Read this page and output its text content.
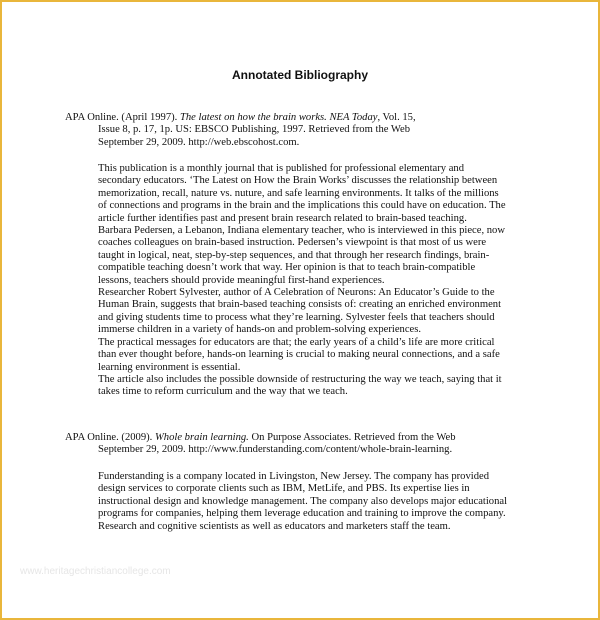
Annotated Bibliography
APA Online. (April 1997). The latest on how the brain works. NEA Today, Vol. 15,
Issue 8, p. 17, 1p. US: EBSCO Publishing, 1997. Retrieved from the Web
September 29, 2009. http://web.ebscohost.com.
This publication is a monthly journal that is published for professional elementary and
secondary educators. ‘The Latest on How the Brain Works’ discusses the relationship between
memorization, recall, nature vs. nuture, and safe learning environments. It talks of the millions
of connections and programs in the brain and the implications this could have on education. The
article further identifies past and present brain research related to brain-based teaching.
Barbara Pedersen, a Lebanon, Indiana elementary teacher, who is interviewed in this piece, now
coaches colleagues on brain-based instruction. Pedersen’s viewpoint is that most of us were
taught in logical, neat, step-by-step sequences, and that through her research findings, brain-
compatible teaching doesn’t work that way. Her opinion is that to teach brain-compatible
lessons, teachers should provide meaningful first-hand experiences.
Researcher Robert Sylvester, author of A Celebration of Neurons: An Educator’s Guide to the
Human Brain, suggests that brain-based teaching consists of: creating an enriched environment
and giving students time to process what they’re learning. Sylvester feels that teachers should
immerse children in a variety of hands-on and problem-solving experiences.
The practical messages for educators are that; the early years of a child’s life are more critical
than ever thought before, hands-on learning is crucial to making neural connections, and a safe
learning environment is essential.
The article also includes the possible downside of restructuring the way we teach, saying that it
takes time to reform curriculum and the way that we teach.
APA Online. (2009). Whole brain learning. On Purpose Associates. Retrieved from the Web
September 29, 2009. http://www.funderstanding.com/content/whole-brain-learning.
Funderstanding is a company located in Livingston, New Jersey. The company has provided
design services to corporate clients such as IBM, MetLife, and PBS. Its expertise lies in
instructional design and knowledge management. The company also develops major educational
programs for companies, helping them leverage education and training to improve the company.
Research and cognitive scientists as well as educators and marketers staff the team.
www.heritagechristiancollege.com
